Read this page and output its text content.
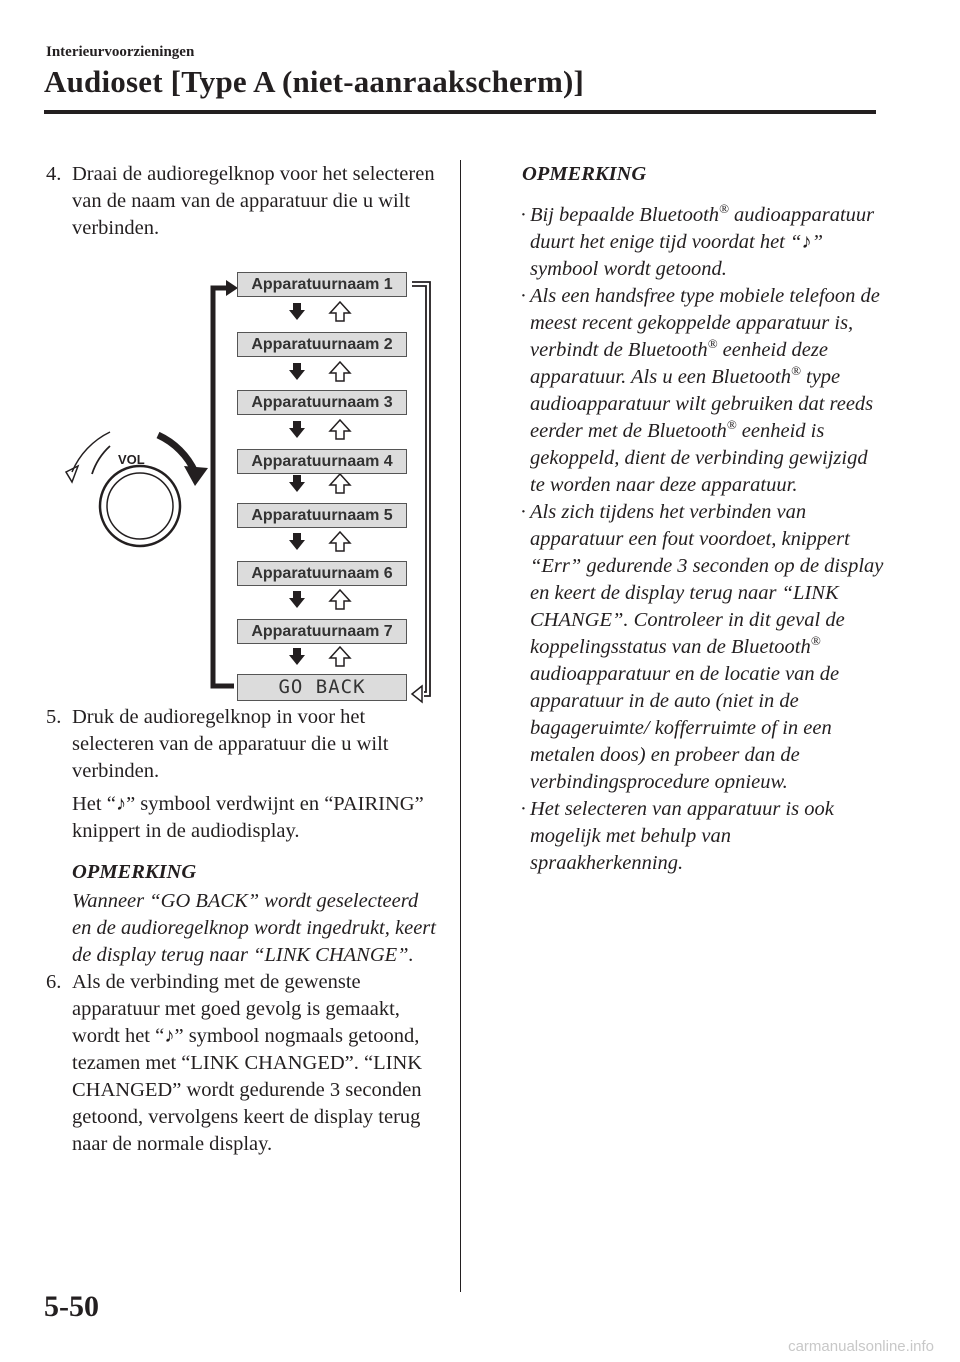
Interieurvoorzieningen
Audioset [Type A (niet-aanraakscherm)]
4. Draai de audioregelknop voor het selecteren van de naam van de apparatuur die u wilt verbinden.
5. Druk de audioregelknop in voor het selecteren van de apparatuur die u wilt verbinden.
Het “♪” symbool verdwijnt en “PAIRING” knippert in de audiodisplay.
OPMERKING
Wanneer “GO BACK” wordt geselecteerd en de audioregelknop wordt ingedrukt, keert de display terug naar “LINK CHANGE”.
6. Als de verbinding met de gewenste apparatuur met goed gevolg is gemaakt, wordt het “♪” symbool nogmaals getoond, tezamen met “LINK CHANGED”. “LINK CHANGED” wordt gedurende 3 seconden getoond, vervolgens keert de display terug naar de normale display.
VOL
Apparatuurnaam 1
Apparatuurnaam 2
Apparatuurnaam 3
Apparatuurnaam 4
Apparatuurnaam 5
Apparatuurnaam 6
Apparatuurnaam 7
GO BACK
OPMERKING
· Bij bepaalde Bluetooth® audioapparatuur duurt het enige tijd voordat het “♪” symbool wordt getoond.
· Als een handsfree type mobiele telefoon de meest recent gekoppelde apparatuur is, verbindt de Bluetooth® eenheid deze apparatuur. Als u een Bluetooth® type audioapparatuur wilt gebruiken dat reeds eerder met de Bluetooth® eenheid is gekoppeld, dient de verbinding gewijzigd te worden naar deze apparatuur.
· Als zich tijdens het verbinden van apparatuur een fout voordoet, knippert “Err” gedurende 3 seconden op de display en keert de display terug naar “LINK CHANGE”. Controleer in dit geval de koppelingsstatus van de Bluetooth® audioapparatuur en de locatie van de apparatuur in de auto (niet in de bagageruimte/ kofferruimte of in een metalen doos) en probeer dan de verbindingsprocedure opnieuw.
· Het selecteren van apparatuur is ook mogelijk met behulp van spraakherkenning.
5-50
carmanualsonline.info
